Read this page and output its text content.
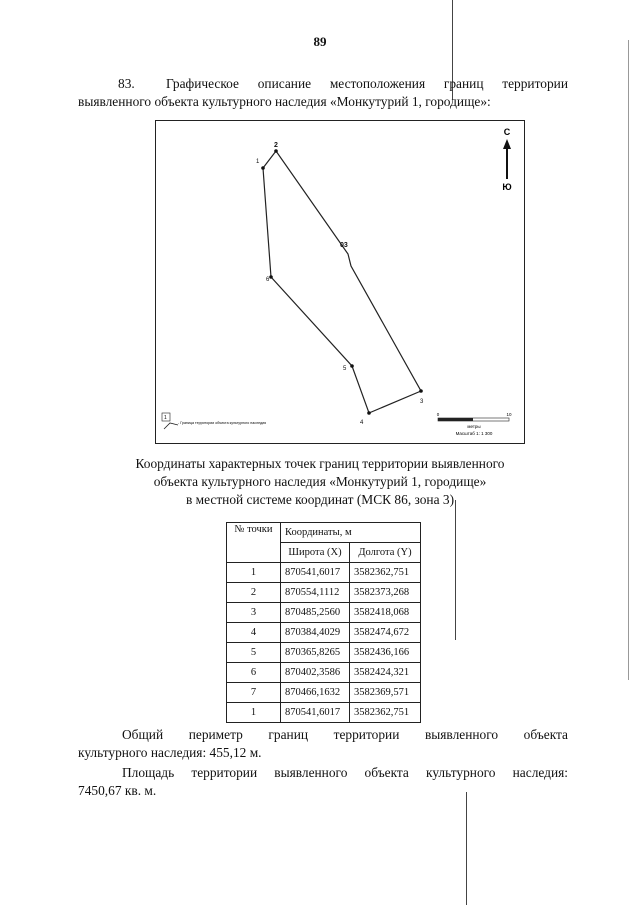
89
83. Графическое описание местоположения границ территории выявленного объекта культурного наследия «Монкутурий 1, городище»:
1
2
3
4
5
6
03
С
Ю
1
- Граница территории объекта культурного наследия
0	10
метры
Масштаб 1: 1 300
Координаты характерных точек границ территории выявленного
объекта культурного наследия «Монкутурий 1, городище»
в местной системе координат (МСК 86, зона 3)
№ точки	Координаты, м	
	Широта (X)	Долгота (Y)
1	870541,6017	3582362,751
2	870554,1112	3582373,268
3	870485,2560	3582418,068
4	870384,4029	3582474,672
5	870365,8265	3582436,166
6	870402,3586	3582424,321
7	870466,1632	3582369,571
1	870541,6017	3582362,751
Общий периметр границ территории выявленного объекта
культурного наследия: 455,12 м.
Площадь территории выявленного объекта культурного наследия:
7450,67 кв. м.
